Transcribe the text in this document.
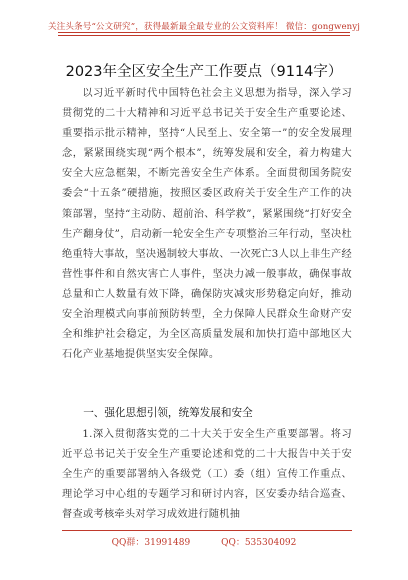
关注头条号“公文研究”，获得最新最全最专业的公文资料库！ 微信：gongwenyj
2023年全区安全生产工作要点（9114字）

以习近平新时代中国特色社会主义思想为指导，深入学习贯彻党的二十大精神和习近平总书记关于安全生产重要论述、重要指示批示精神，坚持“人民至上、安全第一”的安全发展理念，紧紧围绕实现“两个根本”，统筹发展和安全，着力构建大安全大应急框架，不断完善安全生产体系。全面贯彻国务院安委会“十五条”硬措施，按照区委区政府关于安全生产工作的决策部署，坚持“主动防、超前治、科学救”，紧紧围绕“打好安全生产翻身仗”，启动新一轮安全生产专项整治三年行动，坚决杜绝重特大事故，坚决遏制较大事故、一次死亡3人以上非生产经营性事件和自然灾害亡人事件，坚决力减一般事故，确保事故总量和亡人数量有效下降，确保防灾减灾形势稳定向好，推动安全治理模式向事前预防转型，全力保障人民群众生命财产安全和维护社会稳定，为全区高质量发展和加快打造中部地区大石化产业基地提供坚实安全保障。

一、强化思想引领，统筹发展和安全

1.深入贯彻落实党的二十大关于安全生产重要部署。将习近平总书记关于安全生产重要论述和党的二十大报告中关于安全生产的重要部署纳入各级党（工）委（组）宣传工作重点、理论学习中心组的专题学习和研讨内容，区安委办结合巡查、督查或考核牵头对学习成效进行随机抽

QQ群：31991489	QQ：535304092
